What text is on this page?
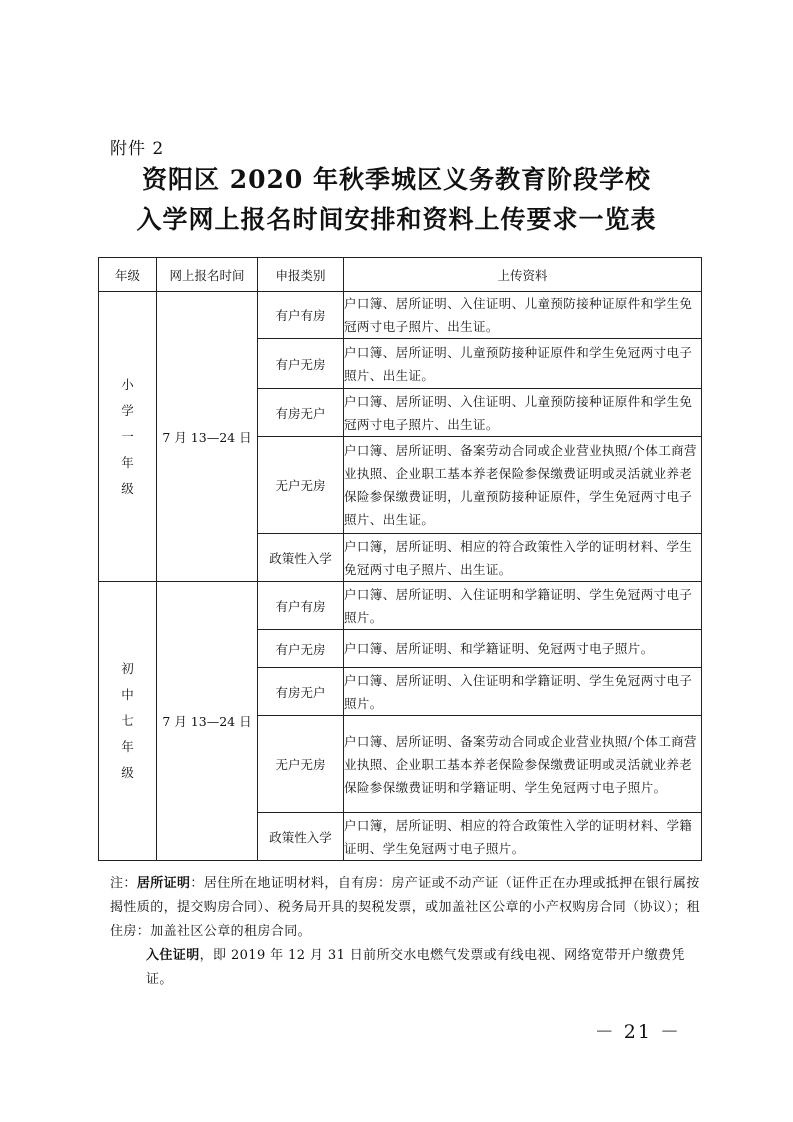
附件 2
资阳区 2020 年秋季城区义务教育阶段学校
入学网上报名时间安排和资料上传要求一览表
年级	网上报名时间	申报类别	上传资料

小
学
一
年
级	7 月 13—24 日	有户有房	户口簿、居所证明、入住证明、儿童预防接种证原件和学生免冠两寸电子照片、出生证。
		有户无房	户口簿、居所证明、儿童预防接种证原件和学生免冠两寸电子照片、出生证。
		有房无户	户口簿、居所证明、入住证明、儿童预防接种证原件和学生免冠两寸电子照片、出生证。
		无户无房	户口簿、居所证明、备案劳动合同或企业营业执照/个体工商营业执照、企业职工基本养老保险参保缴费证明或灵活就业养老保险参保缴费证明，儿童预防接种证原件，学生免冠两寸电子照片、出生证。
		政策性入学	户口簿，居所证明、相应的符合政策性入学的证明材料、学生免冠两寸电子照片、出生证。

初
中
七
年
级	7 月 13—24 日	有户有房	户口簿、居所证明、入住证明和学籍证明、学生免冠两寸电子照片。
		有户无房	户口簿、居所证明、和学籍证明、免冠两寸电子照片。
		有房无户	户口簿、居所证明、入住证明和学籍证明、学生免冠两寸电子照片。
		无户无房	户口簿、居所证明、备案劳动合同或企业营业执照/个体工商营业执照、企业职工基本养老保险参保缴费证明或灵活就业养老保险参保缴费证明和学籍证明、学生免冠两寸电子照片。
		政策性入学	户口簿，居所证明、相应的符合政策性入学的证明材料、学籍证明、学生免冠两寸电子照片。

注：居所证明：居住所在地证明材料，自有房：房产证或不动产证（证件正在办理或抵押在银行属按揭性质的，提交购房合同）、税务局开具的契税发票，或加盖社区公章的小产权购房合同（协议）；租住房：加盖社区公章的租房合同。

入住证明，即 2019 年 12 月 31 日前所交水电燃气发票或有线电视、网络宽带开户缴费凭证。

－ 21 －
